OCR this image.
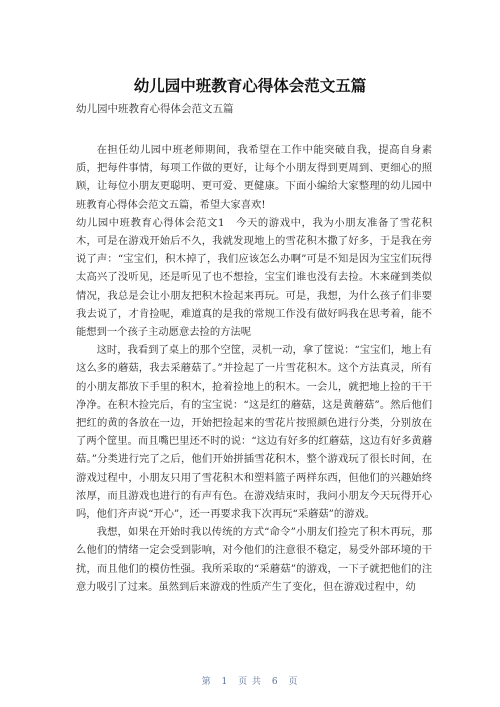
幼儿园中班教育心得体会范文五篇
幼儿园中班教育心得体会范文五篇

在担任幼儿园中班老师期间，我希望在工作中能突破自我，提高自身素质，把每件事情，每项工作做的更好，让每个小朋友得到更周到、更细心的照顾，让每位小朋友更聪明、更可爱、更健康。下面小编给大家整理的幼儿园中班教育心得体会范文五篇，希望大家喜欢!

幼儿园中班教育心得体会范文1　今天的游戏中，我为小朋友准备了雪花积木，可是在游戏开始后不久，我就发现地上的雪花积木撒了好多，于是我在旁说了声：“宝宝们，积木掉了，我们应该怎么办啊”可是不知是因为宝宝们玩得太高兴了没听见，还是听见了也不想捡，宝宝们谁也没有去捡。木来碰到类似情况，我总是会让小朋友把积木捡起来再玩。可是，我想，为什么孩子们非要我去说了，才肯捡呢，难道真的是我的常规工作没有做好吗我在思考着，能不能想到一个孩子主动愿意去捡的方法呢

这时，我看到了桌上的那个空筐，灵机一动，拿了筐说：“宝宝们，地上有这么多的蘑菇，我去采蘑菇了。”并捡起了一片雪花积木。这个方法真灵，所有的小朋友都放下手里的积木，抢着捡地上的积木。一会儿，就把地上捡的干干净净。在积木捡完后，有的宝宝说：“这是红的蘑菇，这是黄蘑菇”。然后他们把红的黄的各放在一边，开始把捡起来的雪花片按照颜色进行分类，分别放在了两个筐里。而且嘴巴里还不时的说：“这边有好多的红蘑菇，这边有好多黄蘑菇。”分类进行完了之后，他们开始拼插雪花积木，整个游戏玩了很长时间，在游戏过程中，小朋友只用了雪花积木和塑料篮子两样东西，但他们的兴趣始终浓厚，而且游戏也进行的有声有色。在游戏结束时，我问小朋友今天玩得开心吗，他们齐声说“开心”，还一再要求我下次再玩“采蘑菇”的游戏。

我想，如果在开始时我以传统的方式“命令”小朋友们捡完了积木再玩，那么他们的情绪一定会受到影响，对今他们的注意很不稳定，易受外部环境的干扰，而且他们的模仿性强。我所采取的“采蘑菇”的游戏，一下子就把他们的注意力吸引了过来。虽然到后来游戏的性质产生了变化，但在游戏过程中，幼

第 1 页 共 6 页
